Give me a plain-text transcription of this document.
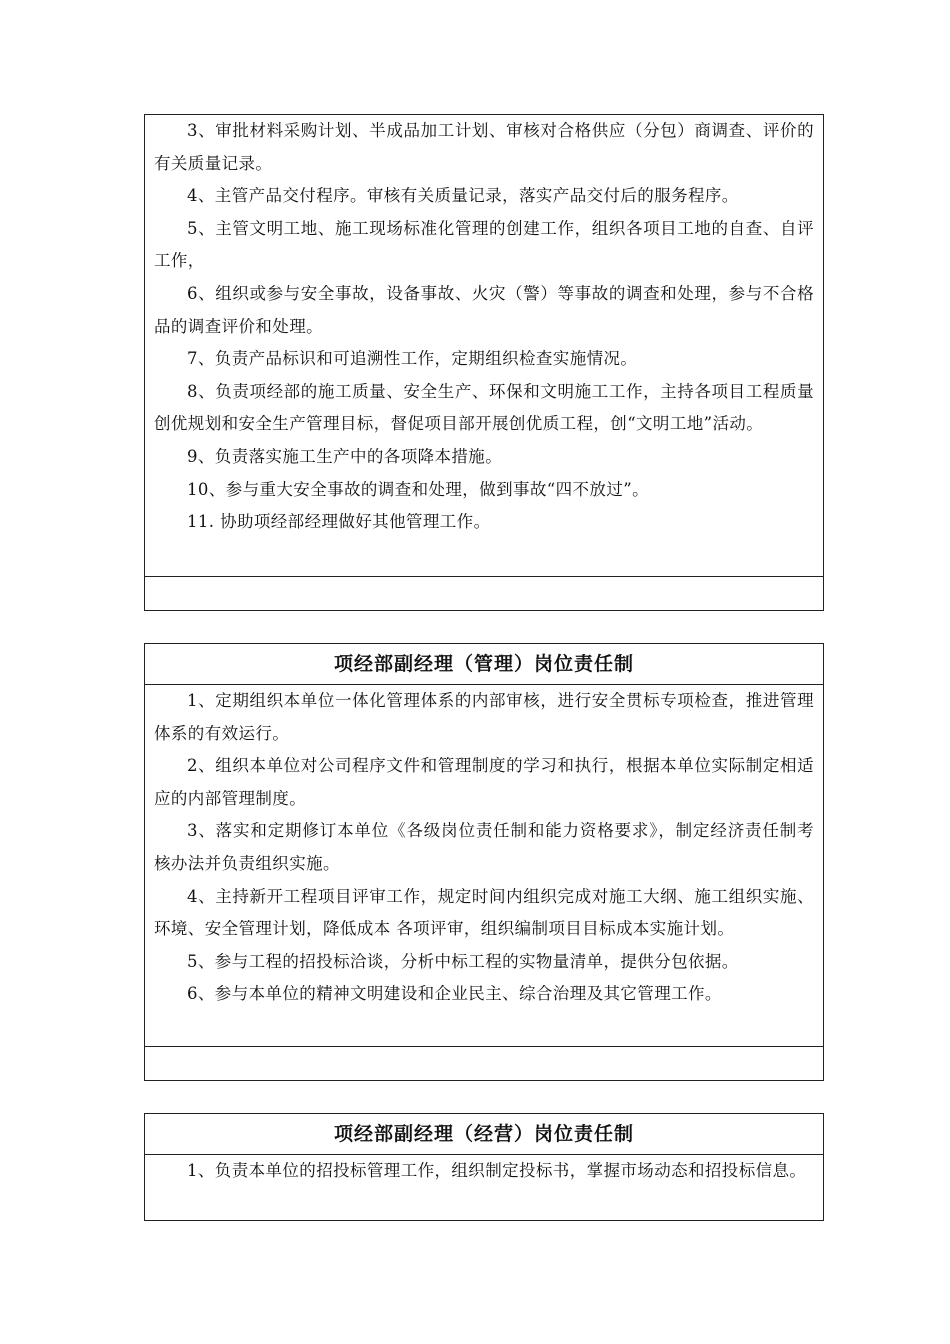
3、审批材料采购计划、半成品加工计划、审核对合格供应（分包）商调查、评价的有关质量记录。

4、主管产品交付程序。审核有关质量记录，落实产品交付后的服务程序。

5、主管文明工地、施工现场标准化管理的创建工作，组织各项目工地的自查、自评工作，

6、组织或参与安全事故，设备事故、火灾（警）等事故的调查和处理，参与不合格品的调查评价和处理。

7、负责产品标识和可追溯性工作，定期组织检查实施情况。

8、负责项经部的施工质量、安全生产、环保和文明施工工作，主持各项目工程质量创优规划和安全生产管理目标，督促项目部开展创优质工程，创“文明工地”活动。

9、负责落实施工生产中的各项降本措施。

10、参与重大安全事故的调查和处理，做到事故“四不放过”。

11. 协助项经部经理做好其他管理工作。

项经部副经理（管理）岗位责任制

1、定期组织本单位一体化管理体系的内部审核，进行安全贯标专项检查，推进管理体系的有效运行。

2、组织本单位对公司程序文件和管理制度的学习和执行，根据本单位实际制定相适应的内部管理制度。

3、落实和定期修订本单位《各级岗位责任制和能力资格要求》，制定经济责任制考核办法并负责组织实施。

4、主持新开工程项目评审工作，规定时间内组织完成对施工大纲、施工组织实施、环境、安全管理计划，降低成本 各项评审，组织编制项目目标成本实施计划。

5、参与工程的招投标洽谈，分析中标工程的实物量清单，提供分包依据。

6、参与本单位的精神文明建设和企业民主、综合治理及其它管理工作。

项经部副经理（经营）岗位责任制

1、负责本单位的招投标管理工作，组织制定投标书，掌握市场动态和招投标信息。
